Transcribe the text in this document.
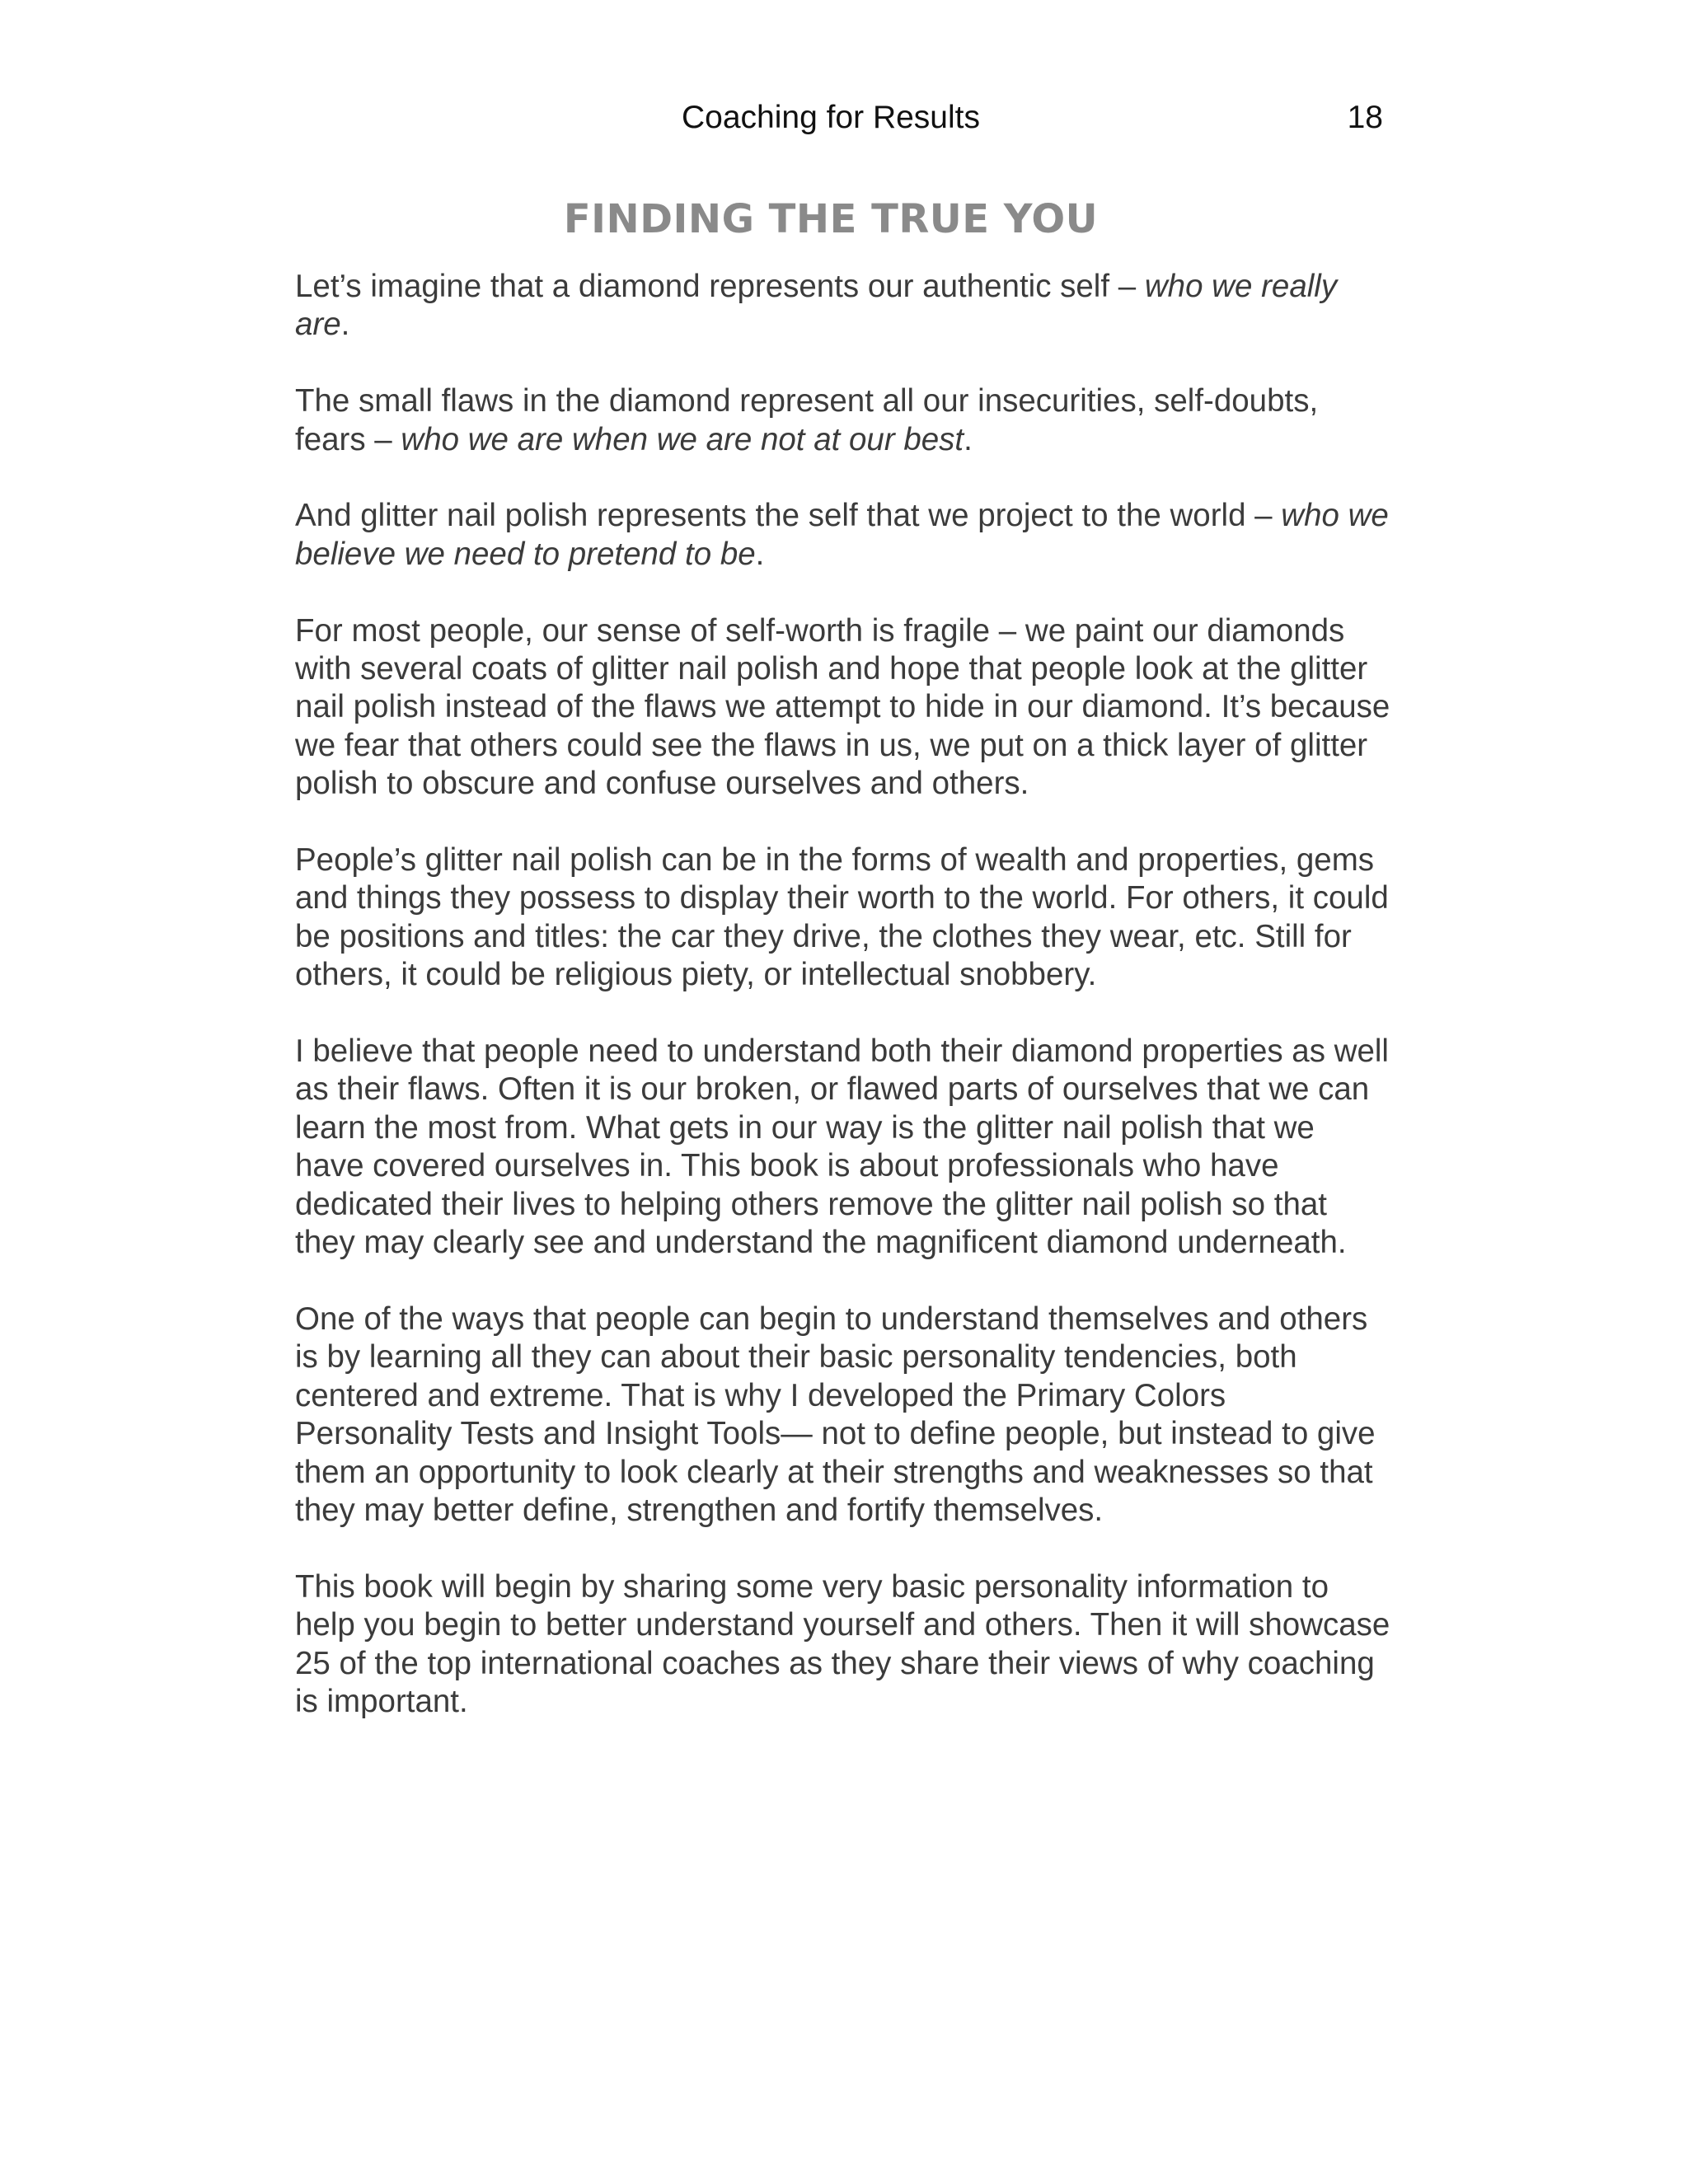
Coaching for Results	18
FINDING THE TRUE YOU

Let’s imagine that a diamond represents our authentic self – who we really are.

The small flaws in the diamond represent all our insecurities, self-doubts, fears – who we are when we are not at our best.

And glitter nail polish represents the self that we project to the world – who we believe we need to pretend to be.

For most people, our sense of self-worth is fragile – we paint our diamonds with several coats of glitter nail polish and hope that people look at the glitter nail polish instead of the flaws we attempt to hide in our diamond. It’s because we fear that others could see the flaws in us, we put on a thick layer of glitter polish to obscure and confuse ourselves and others.

People’s glitter nail polish can be in the forms of wealth and properties, gems and things they possess to display their worth to the world. For others, it could be positions and titles: the car they drive, the clothes they wear, etc. Still for others, it could be religious piety, or intellectual snobbery.

I believe that people need to understand both their diamond properties as well as their flaws. Often it is our broken, or flawed parts of ourselves that we can learn the most from. What gets in our way is the glitter nail polish that we have covered ourselves in. This book is about professionals who have dedicated their lives to helping others remove the glitter nail polish so that they may clearly see and understand the magnificent diamond underneath.

One of the ways that people can begin to understand themselves and others is by learning all they can about their basic personality tendencies, both centered and extreme. That is why I developed the Primary Colors Personality Tests and Insight Tools— not to define people, but instead to give them an opportunity to look clearly at their strengths and weaknesses so that they may better define, strengthen and fortify themselves.

This book will begin by sharing some very basic personality information to help you begin to better understand yourself and others. Then it will showcase 25 of the top international coaches as they share their views of why coaching is important.
